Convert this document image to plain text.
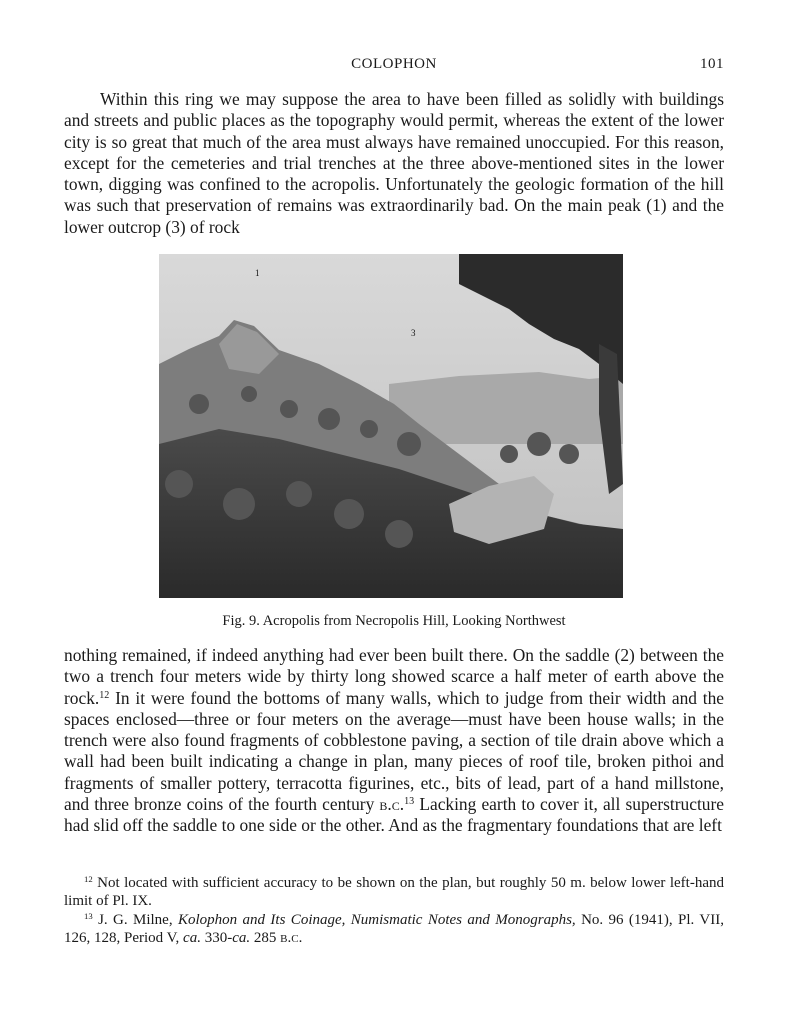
COLOPHON	101

Within this ring we may suppose the area to have been filled as solidly with buildings and streets and public places as the topography would permit, whereas the extent of the lower city is so great that much of the area must always have remained unoccupied. For this reason, except for the cemeteries and trial trenches at the three above-mentioned sites in the lower town, digging was confined to the acropolis. Unfortunately the geologic formation of the hill was such that preservation of remains was extraordinarily bad. On the main peak (1) and the lower outcrop (3) of rock

1
3
Fig. 9. Acropolis from Necropolis Hill, Looking Northwest

nothing remained, if indeed anything had ever been built there. On the saddle (2) between the two a trench four meters wide by thirty long showed scarce a half meter of earth above the rock.$^{12}$ In it were found the bottoms of many walls, which to judge from their width and the spaces enclosed—three or four meters on the average—must have been house walls; in the trench were also found fragments of cobblestone paving, a section of tile drain above which a wall had been built indicating a change in plan, many pieces of roof tile, broken pithoi and fragments of smaller pottery, terracotta figurines, etc., bits of lead, part of a hand millstone, and three bronze coins of the fourth century b.c.$^{13}$ Lacking earth to cover it, all superstructure had slid off the saddle to one side or the other. And as the fragmentary foundations that are left

$^{12}$ Not located with sufficient accuracy to be shown on the plan, but roughly 50 m. below lower left-hand limit of Pl. IX.

$^{13}$ J. G. Milne, Kolophon and Its Coinage, Numismatic Notes and Monographs, No. 96 (1941), Pl. VII, 126, 128, Period V, ca. 330-ca. 285 b.c.
